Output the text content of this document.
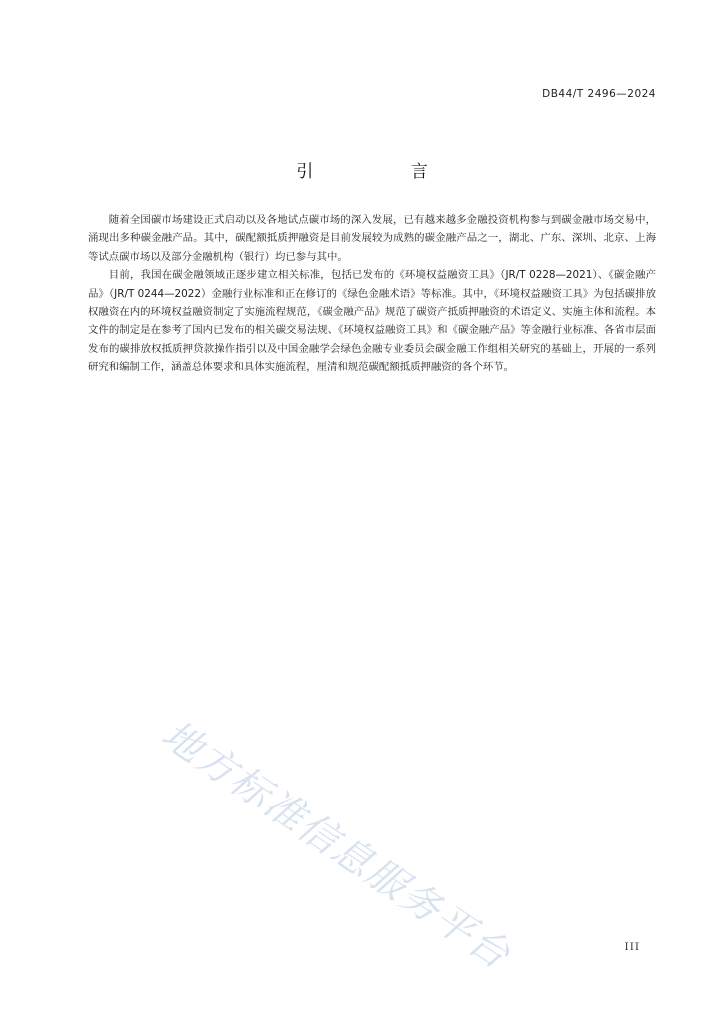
DB44/T 2496—2024
引 言

随着全国碳市场建设正式启动以及各地试点碳市场的深入发展，已有越来越多金融投资机构参与到碳金融市场交易中，涌现出多种碳金融产品。其中，碳配额抵质押融资是目前发展较为成熟的碳金融产品之一，湖北、广东、深圳、北京、上海等试点碳市场以及部分金融机构（银行）均已参与其中。

目前，我国在碳金融领域正逐步建立相关标准，包括已发布的《环境权益融资工具》（JR/T 0228—2021）、《碳金融产品》（JR/T 0244—2022）金融行业标准和正在修订的《绿色金融术语》等标准。其中，《环境权益融资工具》为包括碳排放权融资在内的环境权益融资制定了实施流程规范，《碳金融产品》规范了碳资产抵质押融资的术语定义、实施主体和流程。本文件的制定是在参考了国内已发布的相关碳交易法规、《环境权益融资工具》和《碳金融产品》等金融行业标准、各省市层面发布的碳排放权抵质押贷款操作指引以及中国金融学会绿色金融专业委员会碳金融工作组相关研究的基础上，开展的一系列研究和编制工作，涵盖总体要求和具体实施流程，厘清和规范碳配额抵质押融资的各个环节。

地方标准信息服务平台	III
